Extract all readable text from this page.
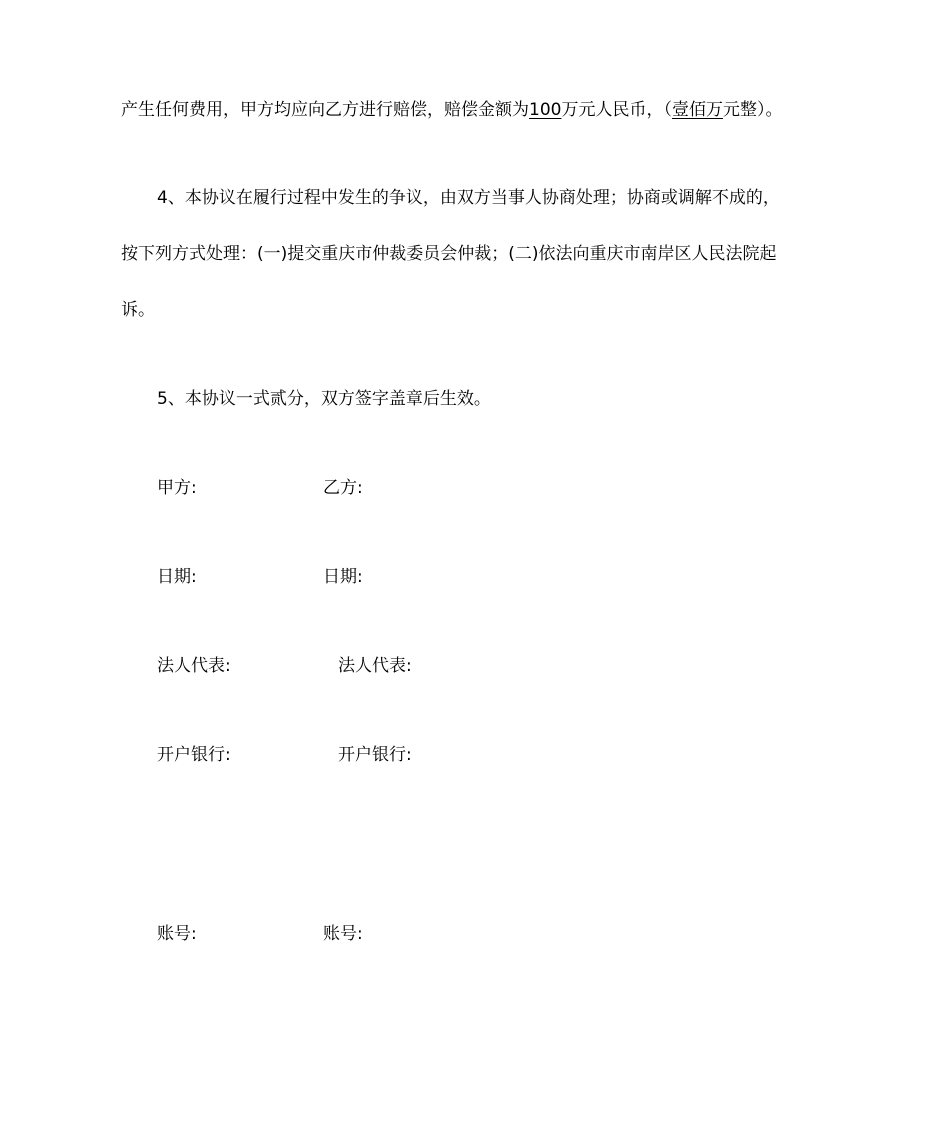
产生任何费用，甲方均应向乙方进行赔偿，赔偿金额为100万元人民币，（壹佰万元整）。
4、本协议在履行过程中发生的争议，由双方当事人协商处理；协商或调解不成的，
按下列方式处理：(一)提交重庆市仲裁委员会仲裁；(二)依法向重庆市南岸区人民法院起
诉。
5、本协议一式贰分，双方签字盖章后生效。
甲方:	乙方:
日期:	日期:
法人代表:	法人代表:
开户银行:	开户银行:
账号:	账号:
